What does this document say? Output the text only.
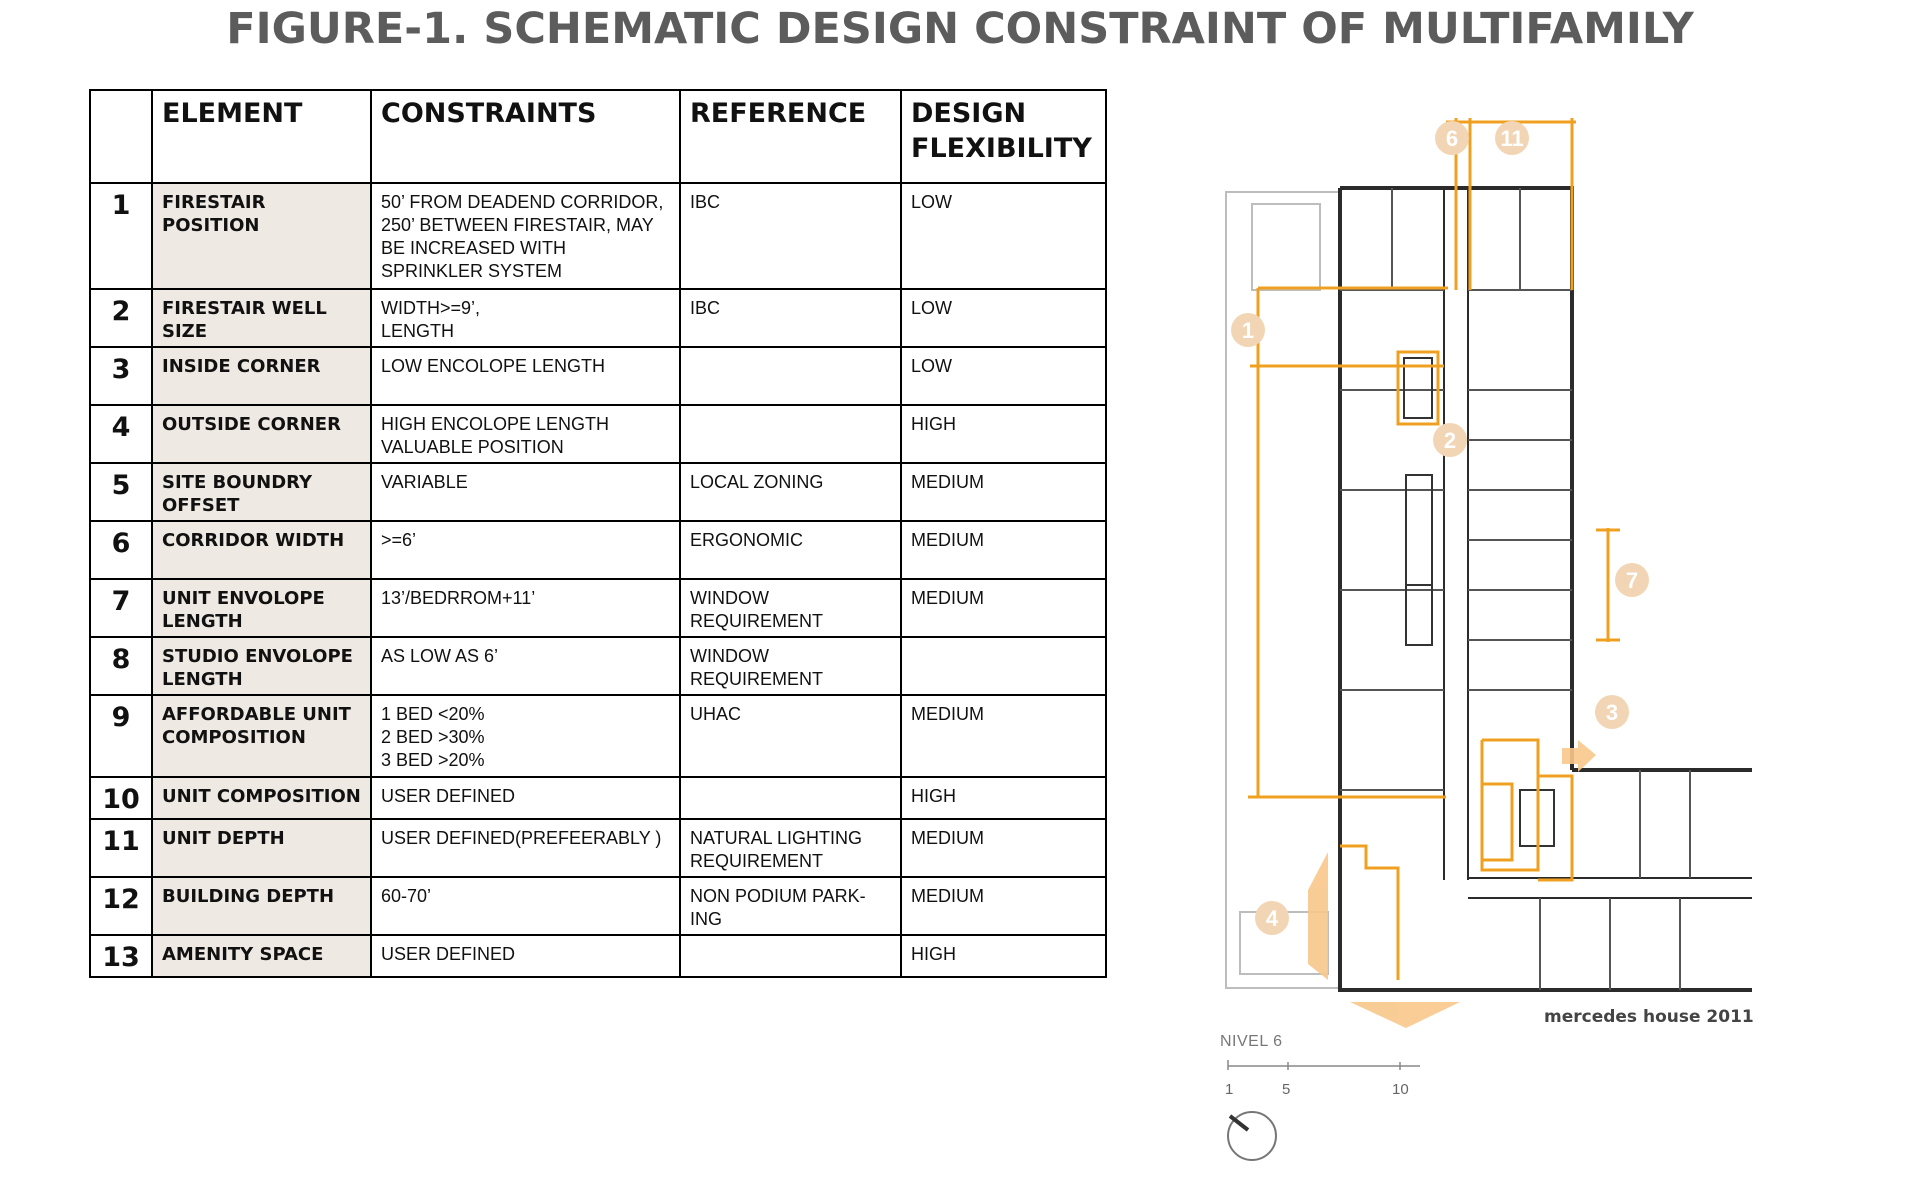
FIGURE-1. SCHEMATIC DESIGN CONSTRAINT OF MULTIFAMILY
	ELEMENT	CONSTRAINTS	REFERENCE	DESIGN FLEXIBILITY
1	FIRESTAIR POSITION	50’ FROM DEADEND CORRIDOR, 250’ BETWEEN FIRESTAIR, MAY BE INCREASED WITH SPRINKLER SYSTEM	IBC	LOW
2	FIRESTAIR WELL SIZE	WIDTH>=9’,
LENGTH	IBC	LOW
3	INSIDE CORNER	LOW ENCOLOPE LENGTH		LOW
4	OUTSIDE CORNER	HIGH ENCOLOPE LENGTH
VALUABLE POSITION		HIGH
5	SITE BOUNDRY OFFSET	VARIABLE	LOCAL ZONING	MEDIUM
6	CORRIDOR WIDTH	>=6’	ERGONOMIC	MEDIUM
7	UNIT ENVOLOPE LENGTH	13’/BEDRROM+11’	WINDOW REQUIREMENT	MEDIUM
8	STUDIO ENVOLOPE LENGTH	AS LOW AS 6’	WINDOW REQUIREMENT	
9	AFFORDABLE UNIT COMPOSITION	1 BED <20%
2 BED >30%
3 BED >20%	UHAC	MEDIUM
10	UNIT COMPOSITION	USER DEFINED		HIGH
11	UNIT DEPTH	USER DEFINED(PREFEERABLY )	NATURAL LIGHTING REQUIREMENT	MEDIUM
12	BUILDING DEPTH	60-70’	NON PODIUM PARK-ING	MEDIUM
13	AMENITY SPACE	USER DEFINED		HIGH
6 11
1
2
7
3
4
mercedes house 2011
NIVEL 6
1	5	10
